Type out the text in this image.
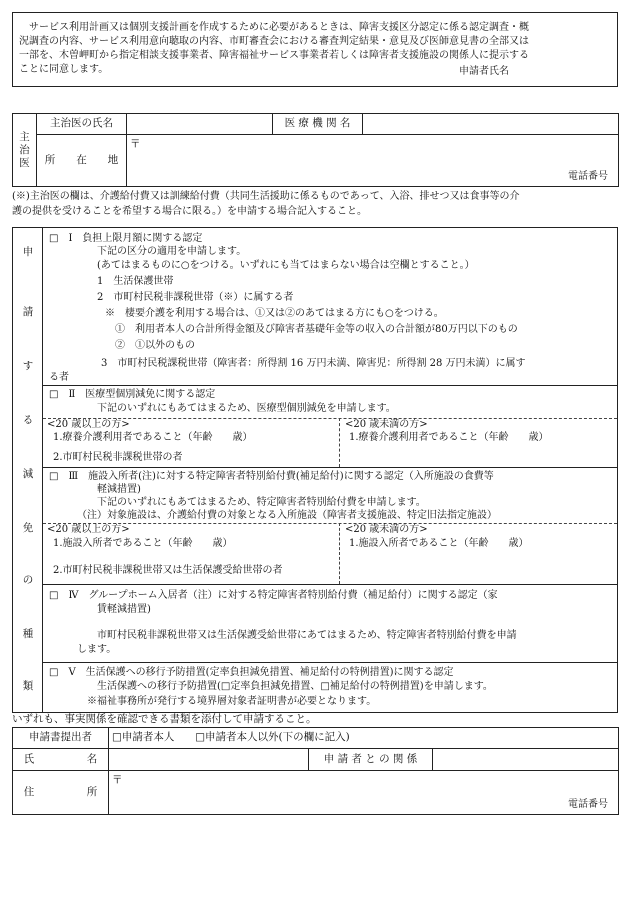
　サービス利用計画又は個別支援計画を作成するために必要があるときは、障害支援区分認定に係る認定調査・概
況調査の内容、サービス利用意向聴取の内容、市町審査会における審査判定結果・意見及び医師意見書の全部又は
一部を、木曽岬町から指定相談支援事業者、障害福祉サービス事業者若しくは障害者支援施設の関係人に提示する
ことに同意します。	申請者氏名
主
治
医	主治医の氏名		医 療 機 関 名	
	所　　在　　地	〒
電話番号		
(※)主治医の欄は、介護給付費又は訓練給付費（共同生活援助に係るものであって、入浴、排せつ又は食事等の介
護の提供を受けることを希望する場合に限る。）を申請する場合記入すること。
申
請
す
る
減
免
の
種
類
□　Ⅰ　負担上限月額に関する認定
下記の区分の適用を申請します。
(あてはまるものに○をつける。いずれにも当てはまらない場合は空欄とすること。）
1　生活保護世帯
2　市町村民税非課税世帯（※）に属する者
※　棲要介護を利用する場合は、①又は②のあてはまる方にも○をつける。
①　利用者本人の合計所得金額及び障害者基礎年金等の収入の合計額が80万円以下のもの
②　①以外のもの
3　市町村民税課税世帯（障害者：所得割 16 万円未満、障害児：所得割 28 万円未満）に属す
る者
□　Ⅱ　医療型個別減免に関する認定
下記のいずれにもあてはまるため、医療型個別減免を申請します。
<20 歳以上の方>
1.療養介護利用者であること（年齢　　歳）
2.市町村民税非課税世帯の者
<20 歳未満の方>
1.療養介護利用者であること（年齢　　歳）
□　Ⅲ　施設入所者(注)に対する特定障害者特別給付費(補足給付)に関する認定（入所施設の食費等
軽減措置)
下記のいずれにもあてはまるため、特定障害者特別給付費を申請します。
（注）対象施設は、介護給付費の対象となる入所施設（障害者支援施設、特定旧法指定施設）
<20 歳以上の方>
1.施設入所者であること（年齢　　歳）
2.市町村民税非課税世帯又は生活保護受給世帯の者
<20 歳未満の方>
1.施設入所者であること（年齢　　歳）
□　Ⅳ　グループホーム入居者（注）に対する特定障害者特別給付費（補足給付）に関する認定（家
賃軽減措置)
市町村民税非課税世帯又は生活保護受給世帯にあてはまるため、特定障害者特別給付費を申請
します。
□　Ⅴ　生活保護への移行予防措置(定率負担減免措置、補足給付の特例措置)に関する認定
生活保護への移行予防措置(□定率負担減免措置、□補足給付の特例措置)を申請します。
※福祉事務所が発行する境界層対象者証明書が必要となります。
いずれも、事実関係を確認できる書類を添付して申請すること。
申請書提出者	□申請者本人 □申請者本人以外(下の欄に記入)		
氏　　　　　名		申 請 者 と の 関 係	
住　　　　　所	〒
電話番号		
